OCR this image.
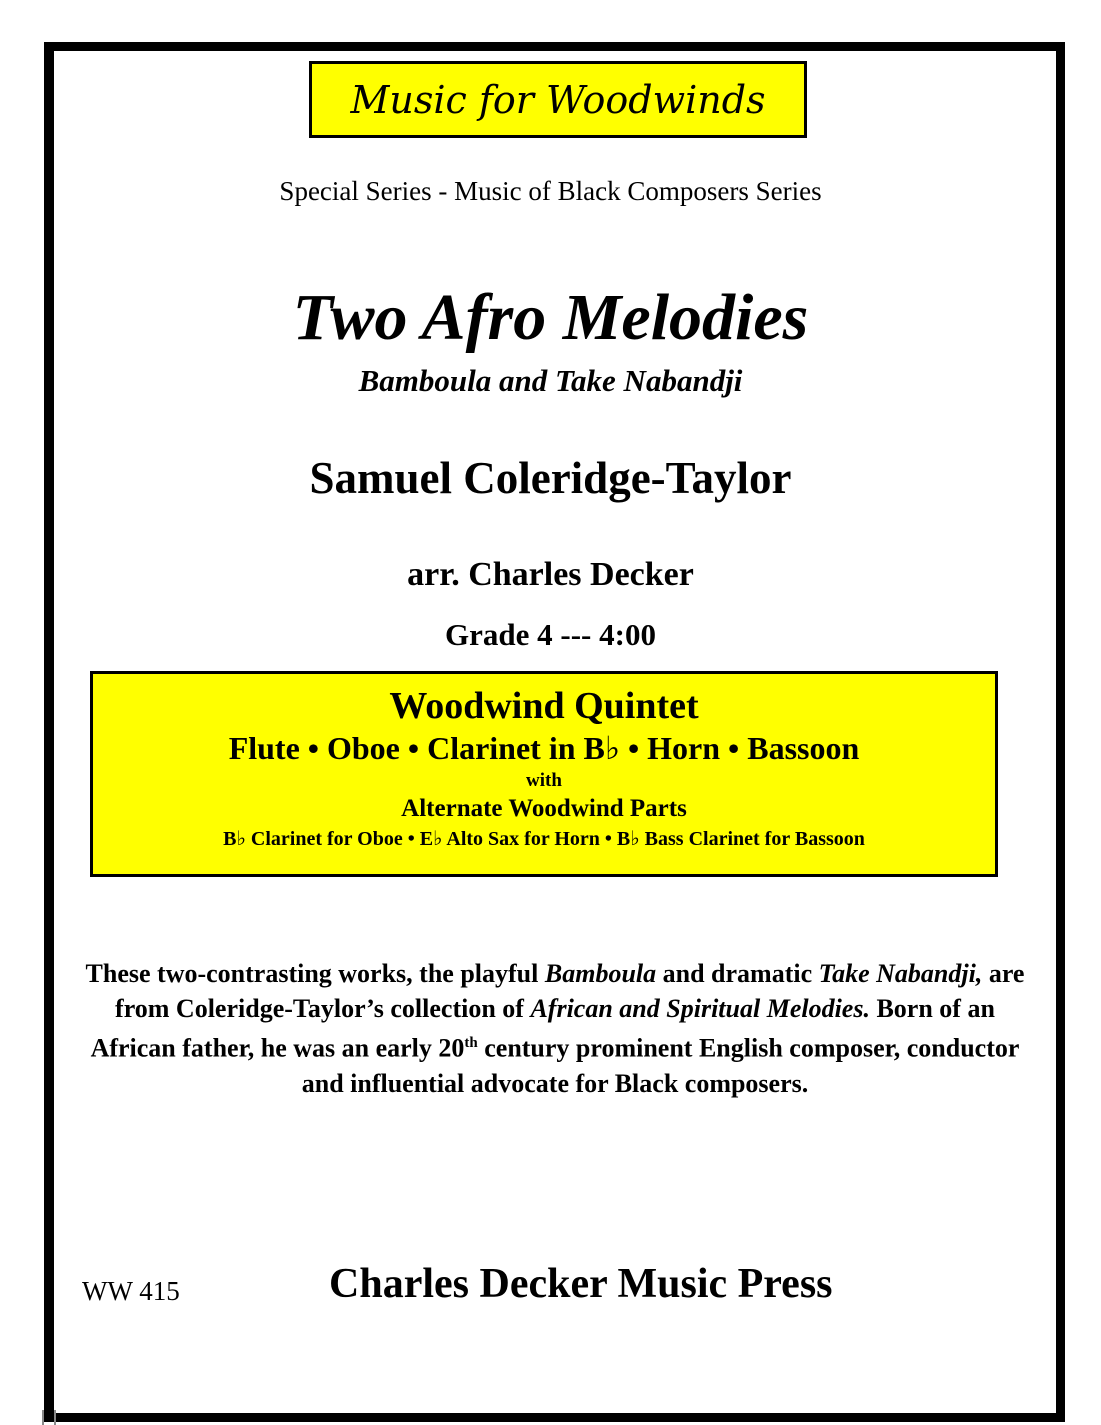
Music for Woodwinds
Special Series - Music of Black Composers Series
Two Afro Melodies
Bamboula and Take Nabandji
Samuel Coleridge-Taylor
arr. Charles Decker
Grade 4 --- 4:00
Woodwind Quintet
Flute • Oboe • Clarinet in B♭ • Horn • Bassoon
with
Alternate Woodwind Parts
B♭ Clarinet for Oboe • E♭ Alto Sax for Horn • B♭ Bass Clarinet for Bassoon
These two-contrasting works, the playful Bamboula and dramatic Take Nabandji, are from Coleridge-Taylor’s collection of African and Spiritual Melodies. Born of an African father, he was an early 20th century prominent English composer, conductor and influential advocate for Black composers.
WW 415	Charles Decker Music Press
